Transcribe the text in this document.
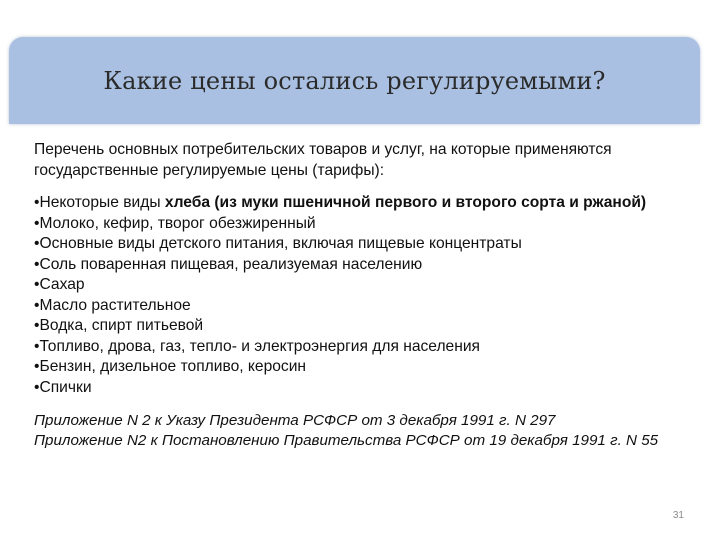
Какие цены остались регулируемыми?

Перечень основных потребительских товаров и услуг, на которые применяются государственные регулируемые цены (тарифы):

•Некоторые виды хлеба (из муки пшеничной первого и второго сорта и ржаной)
•Молоко, кефир, творог обезжиренный
•Основные виды детского питания, включая пищевые концентраты
•Соль поваренная пищевая, реализуемая населению
•Сахар
•Масло растительное
•Водка, спирт питьевой
•Топливо, дрова, газ, тепло- и электроэнергия для населения
•Бензин, дизельное топливо, керосин
•Спички
Приложение N 2 к Указу Президента РСФСР от 3 декабря 1991 г. N 297
Приложение N2 к Постановлению Правительства РСФСР от 19 декабря 1991 г. N 55
31
